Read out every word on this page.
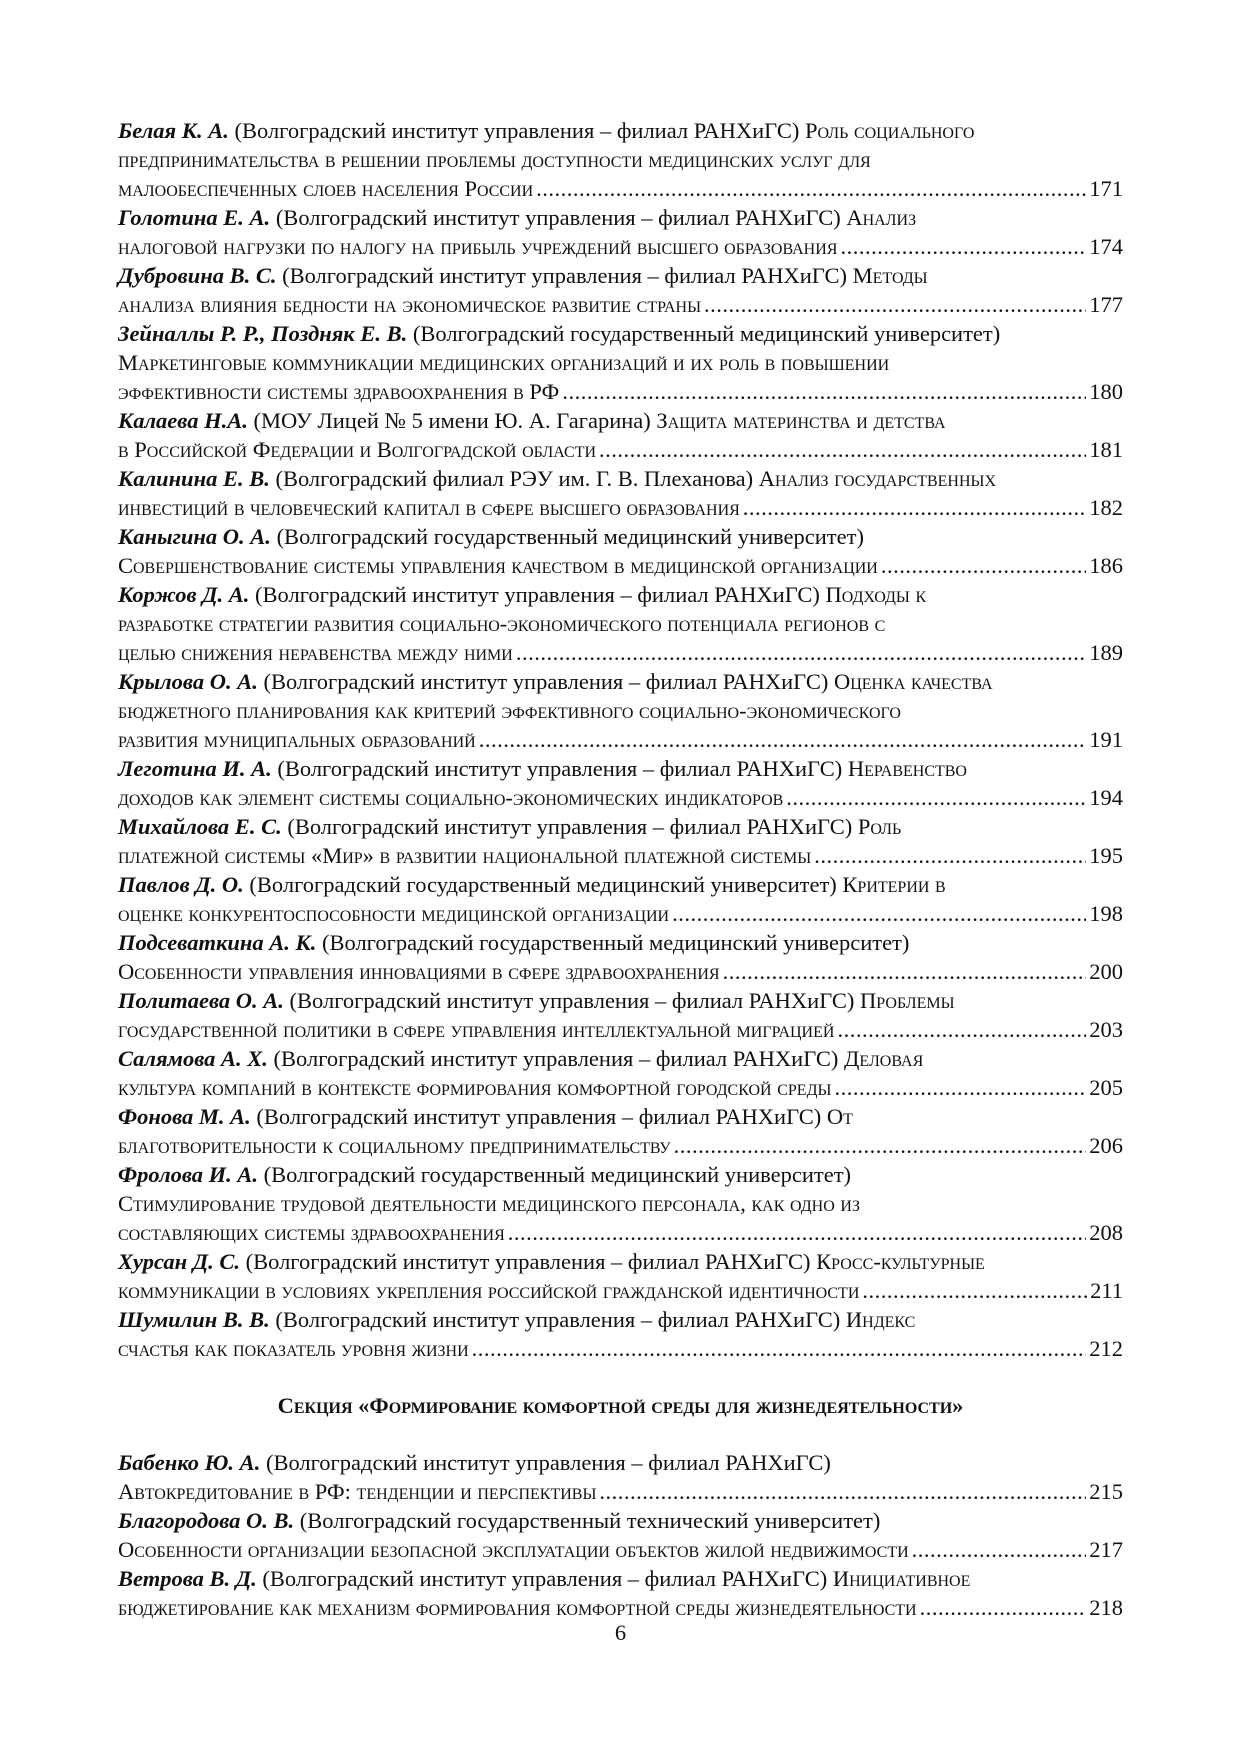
Белая К. А. (Волгоградский институт управления – филиал РАНХиГС) Роль социального
предпринимательства в решении проблемы доступности медицинских услуг для
малообеспеченных слоев населения России .....	171
Голотина Е. А. (Волгоградский институт управления – филиал РАНХиГС) Анализ
налоговой нагрузки по налогу на прибыль учреждений высшего образования .....	174
Дубровина В. С. (Волгоградский институт управления – филиал РАНХиГС) Методы
анализа влияния бедности на экономическое развитие страны .....	177
Зейналлы Р. Р., Поздняк Е. В. (Волгоградский государственный медицинский университет)
Маркетинговые коммуникации медицинских организаций и их роль в повышении
эффективности системы здравоохранения в РФ .....	180
Калаева Н.А. (МОУ Лицей № 5 имени Ю. А. Гагарина) Защита материнства и детства
в Российской Федерации и Волгоградской области .....	181
Калинина Е. В. (Волгоградский филиал РЭУ им. Г. В. Плеханова) Анализ государственных
инвестиций в человеческий капитал в сфере высшего образования .....	182
Каныгина О. А. (Волгоградский государственный медицинский университет)
Совершенствование системы управления качеством в медицинской организации .....	186
Коржов Д. А. (Волгоградский институт управления – филиал РАНХиГС) Подходы к
разработке стратегии развития социально-экономического потенциала регионов с
целью снижения неравенства между ними .....	189
Крылова О. А. (Волгоградский институт управления – филиал РАНХиГС) Оценка качества
бюджетного планирования как критерий эффективного социально-экономического
развития муниципальных образований .....	191
Леготина И. А. (Волгоградский институт управления – филиал РАНХиГС) Неравенство
доходов как элемент системы социально-экономических индикаторов .....	194
Михайлова Е. С. (Волгоградский институт управления – филиал РАНХиГС) Роль
платежной системы «Мир» в развитии национальной платежной системы .....	195
Павлов Д. О. (Волгоградский государственный медицинский университет) Критерии в
оценке конкурентоспособности медицинской организации .....	198
Подсеваткина А. К. (Волгоградский государственный медицинский университет)
Особенности управления инновациями в сфере здравоохранения .....	200
Политаева О. А. (Волгоградский институт управления – филиал РАНХиГС) Проблемы
государственной политики в сфере управления интеллектуальной миграцией .....	203
Салямова А. Х. (Волгоградский институт управления – филиал РАНХиГС) Деловая
культура компаний в контексте формирования комфортной городской среды .....	205
Фонова М. А. (Волгоградский институт управления – филиал РАНХиГС) От
благотворительности к социальному предпринимательству .....	206
Фролова И. А. (Волгоградский государственный медицинский университет)
Стимулирование трудовой деятельности медицинского персонала, как одно из
составляющих системы здравоохранения .....	208
Хурсан Д. С. (Волгоградский институт управления – филиал РАНХиГС) Кросс-культурные
коммуникации в условиях укрепления российской гражданской идентичности .....	211
Шумилин В. В. (Волгоградский институт управления – филиал РАНХиГС) Индекс
счастья как показатель уровня жизни .....	212
Секция «Формирование комфортной среды для жизнедеятельности»
Бабенко Ю. А. (Волгоградский институт управления – филиал РАНХиГС)
Автокредитование в РФ: тенденции и перспективы .....	215
Благородова О. В. (Волгоградский государственный технический университет)
Особенности организации безопасной эксплуатации объектов жилой недвижимости .....	217
Ветрова В. Д. (Волгоградский институт управления – филиал РАНХиГС) Инициативное
бюджетирование как механизм формирования комфортной среды жизнедеятельности .....	218
6
